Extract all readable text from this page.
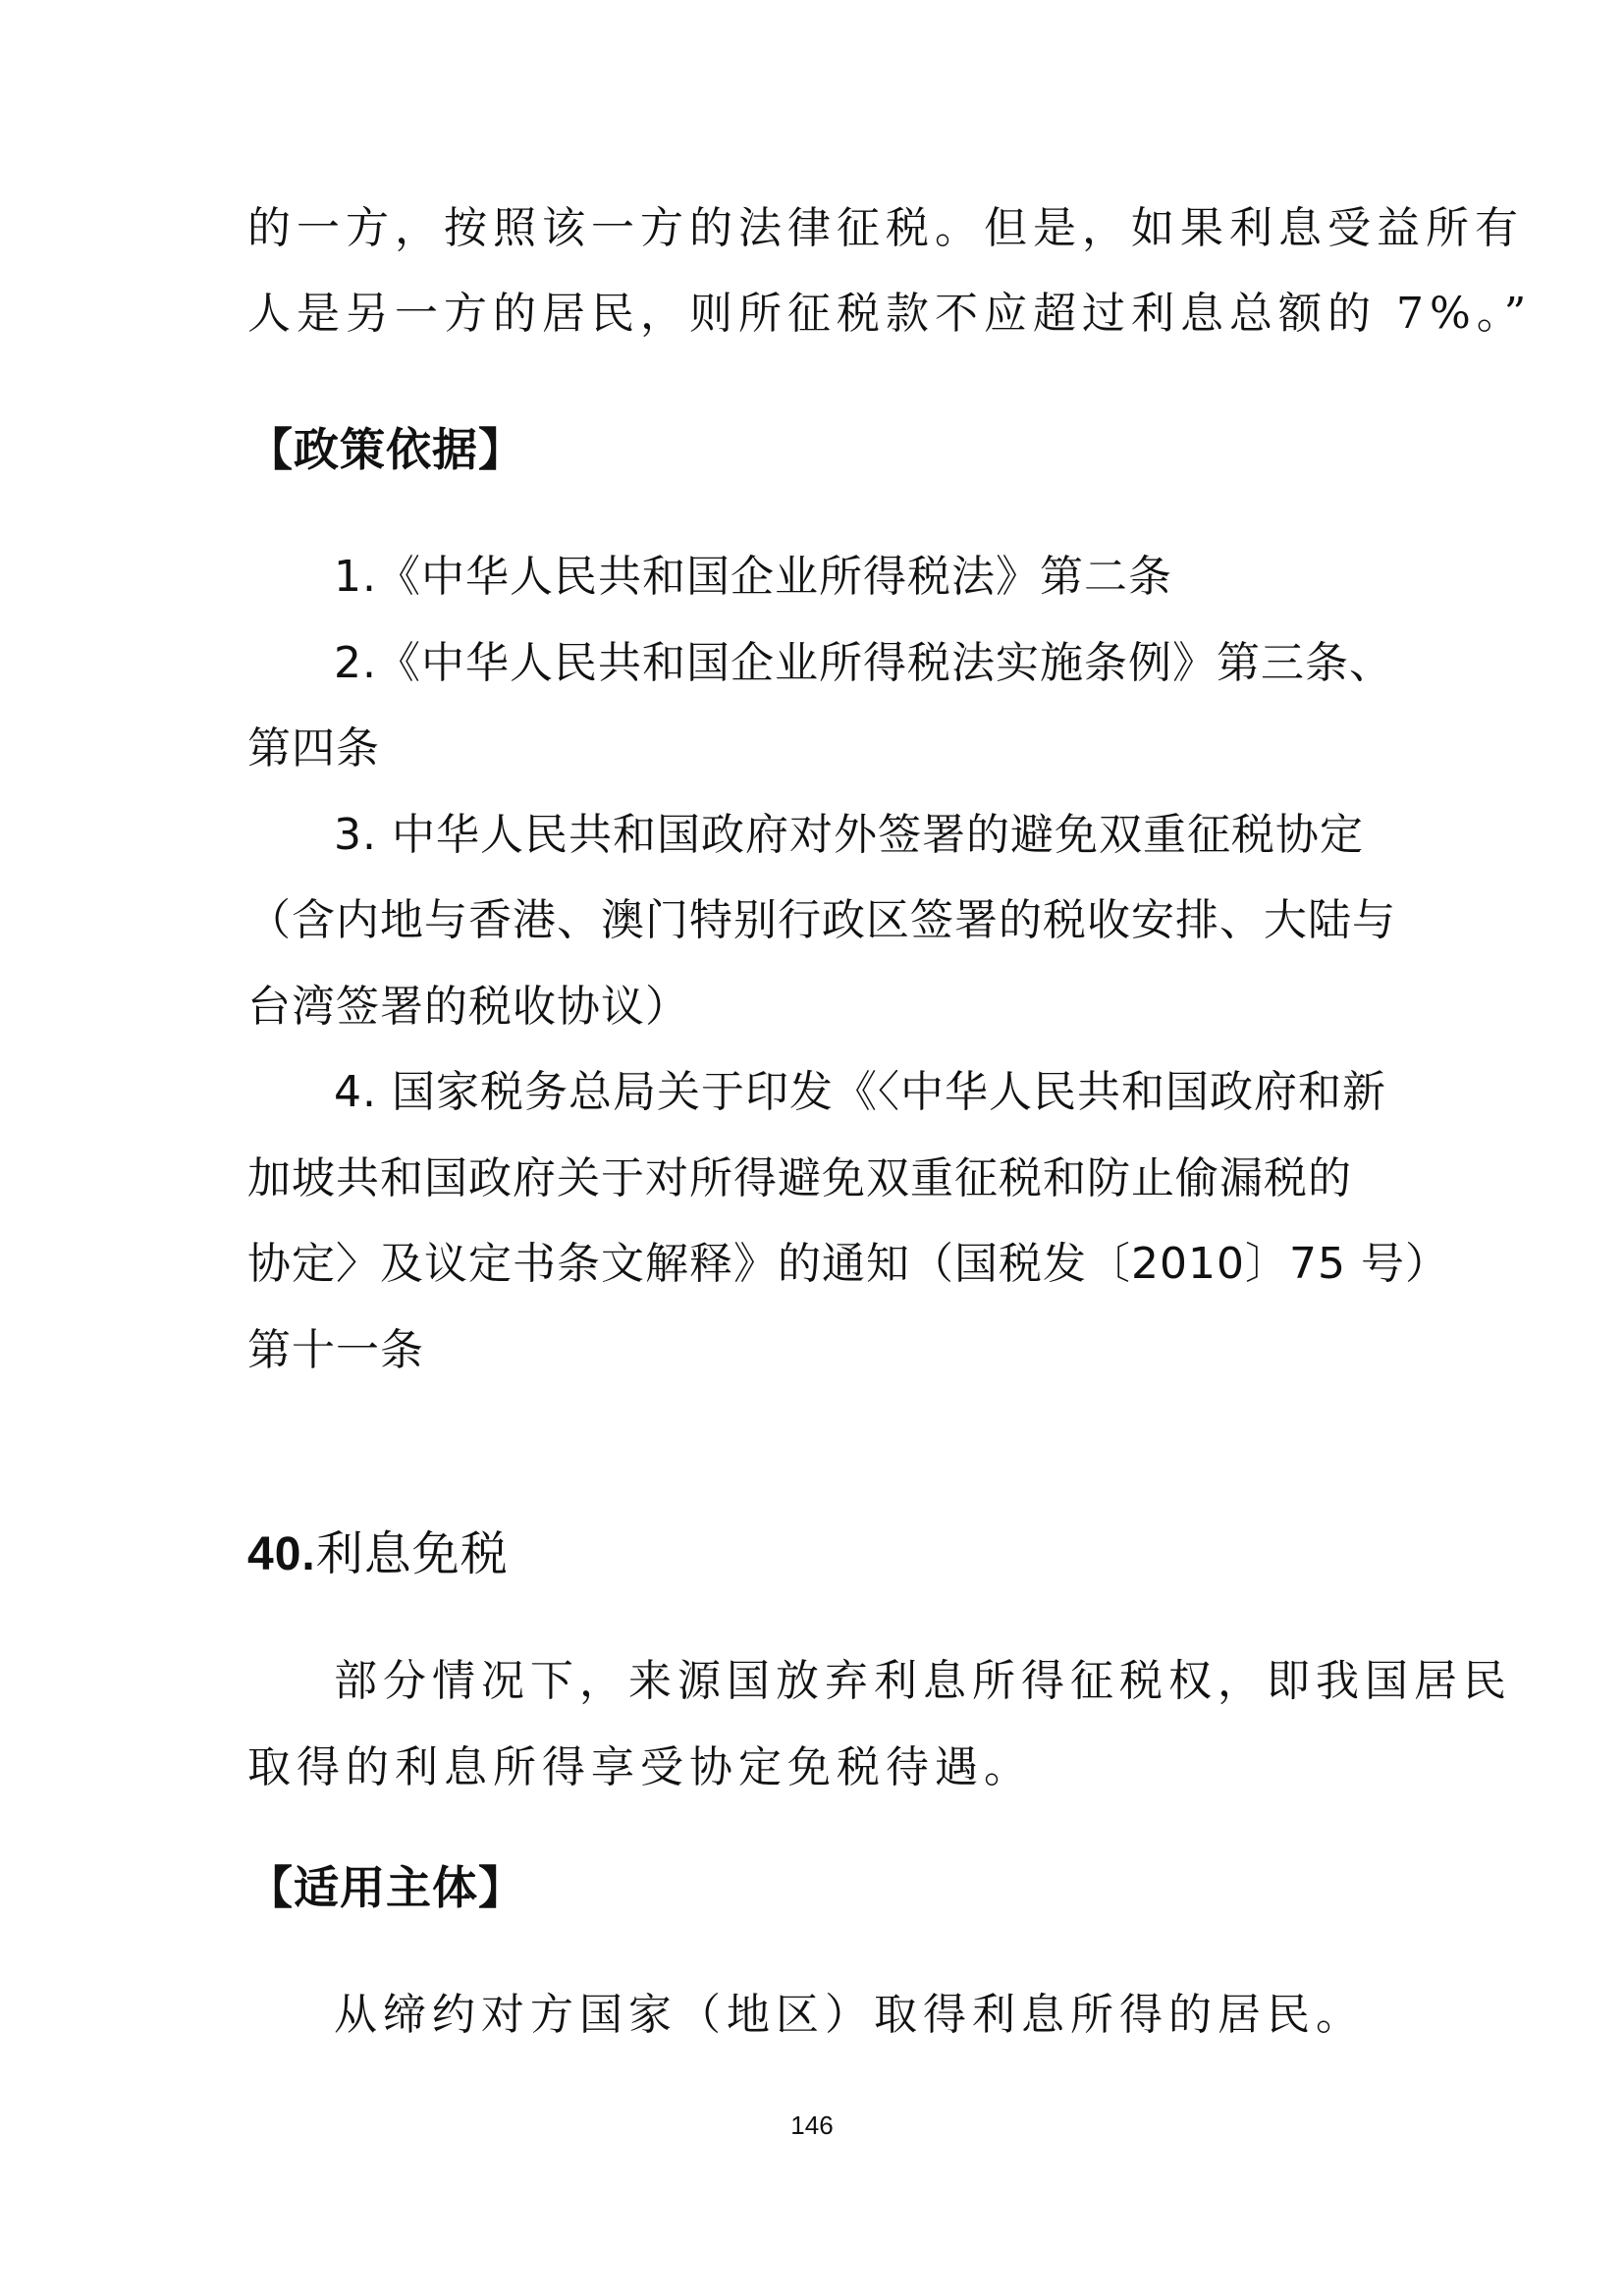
的一方，按照该一方的法律征税。但是，如果利息受益所有
人是另一方的居民，则所征税款不应超过利息总额的 7%。”
【政策依据】
1.《中华人民共和国企业所得税法》第二条
2.《中华人民共和国企业所得税法实施条例》第三条、
第四条
3. 中华人民共和国政府对外签署的避免双重征税协定
（含内地与香港、澳门特别行政区签署的税收安排、大陆与
台湾签署的税收协议）
4. 国家税务总局关于印发《〈中华人民共和国政府和新
加坡共和国政府关于对所得避免双重征税和防止偷漏税的
协定〉及议定书条文解释》的通知（国税发〔2010〕75 号）
第十一条
40.利息免税
部分情况下，来源国放弃利息所得征税权，即我国居民
取得的利息所得享受协定免税待遇。
【适用主体】
从缔约对方国家（地区）取得利息所得的居民。
146
